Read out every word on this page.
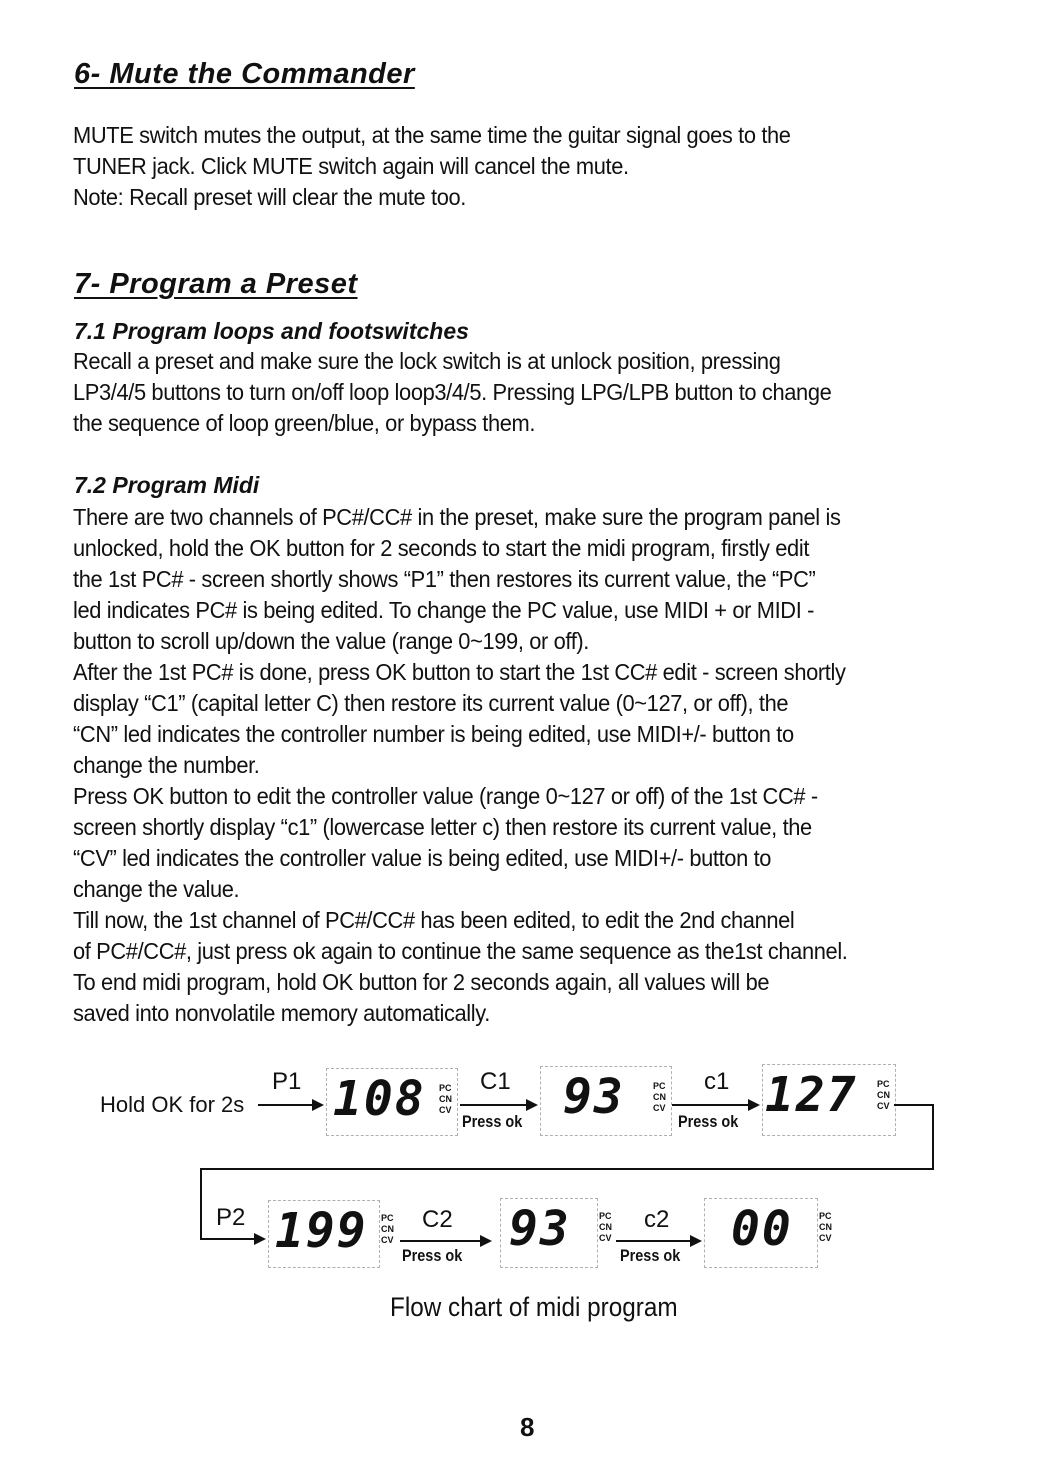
6- Mute the Commander
MUTE switch mutes the output, at the same time the guitar signal goes to the
TUNER jack. Click MUTE switch again will cancel the mute.
Note: Recall preset will clear the mute too.
7- Program a Preset
7.1 Program loops and footswitches
Recall a preset and make sure the lock switch is at unlock position, pressing
LP3/4/5 buttons to turn on/off loop loop3/4/5. Pressing LPG/LPB button to change
the sequence of loop green/blue, or bypass them.
7.2 Program Midi
There are two channels of PC#/CC# in the preset, make sure the program panel is
unlocked, hold the OK button for 2 seconds to start the midi program, firstly edit
the 1st PC# - screen shortly shows “P1” then restores its current value, the “PC”
led indicates PC# is being edited. To change the PC value, use MIDI + or MIDI -
button to scroll up/down the value (range 0~199, or off).
After the 1st PC# is done, press OK button to start the 1st CC# edit - screen shortly
display “C1” (capital letter C) then restore its current value (0~127, or off), the
“CN” led indicates the controller number is being edited, use MIDI+/- button to
change the number.
Press OK button to edit the controller value (range 0~127 or off) of the 1st CC# -
screen shortly display “c1” (lowercase letter c) then restore its current value, the
“CV” led indicates the controller value is being edited, use MIDI+/- button to
change the value.
Till now, the 1st channel of PC#/CC# has been edited, to edit the 2nd channel
of PC#/CC#, just press ok again to continue the same sequence as the1st channel.
To end midi program, hold OK button for 2 seconds again, all values will be
saved into nonvolatile memory automatically.
Hold OK for 2s
P1 108 PC
CN
CV
C1
Press ok 93	PC
CN
CV
c1
Press ok 127 PC
CN
CV
P2 199 PC
CN
CV
C2
Press ok 93	PC
CN
CV
c2
Press ok 00	PC
CN
CV
Flow chart of midi program
8
